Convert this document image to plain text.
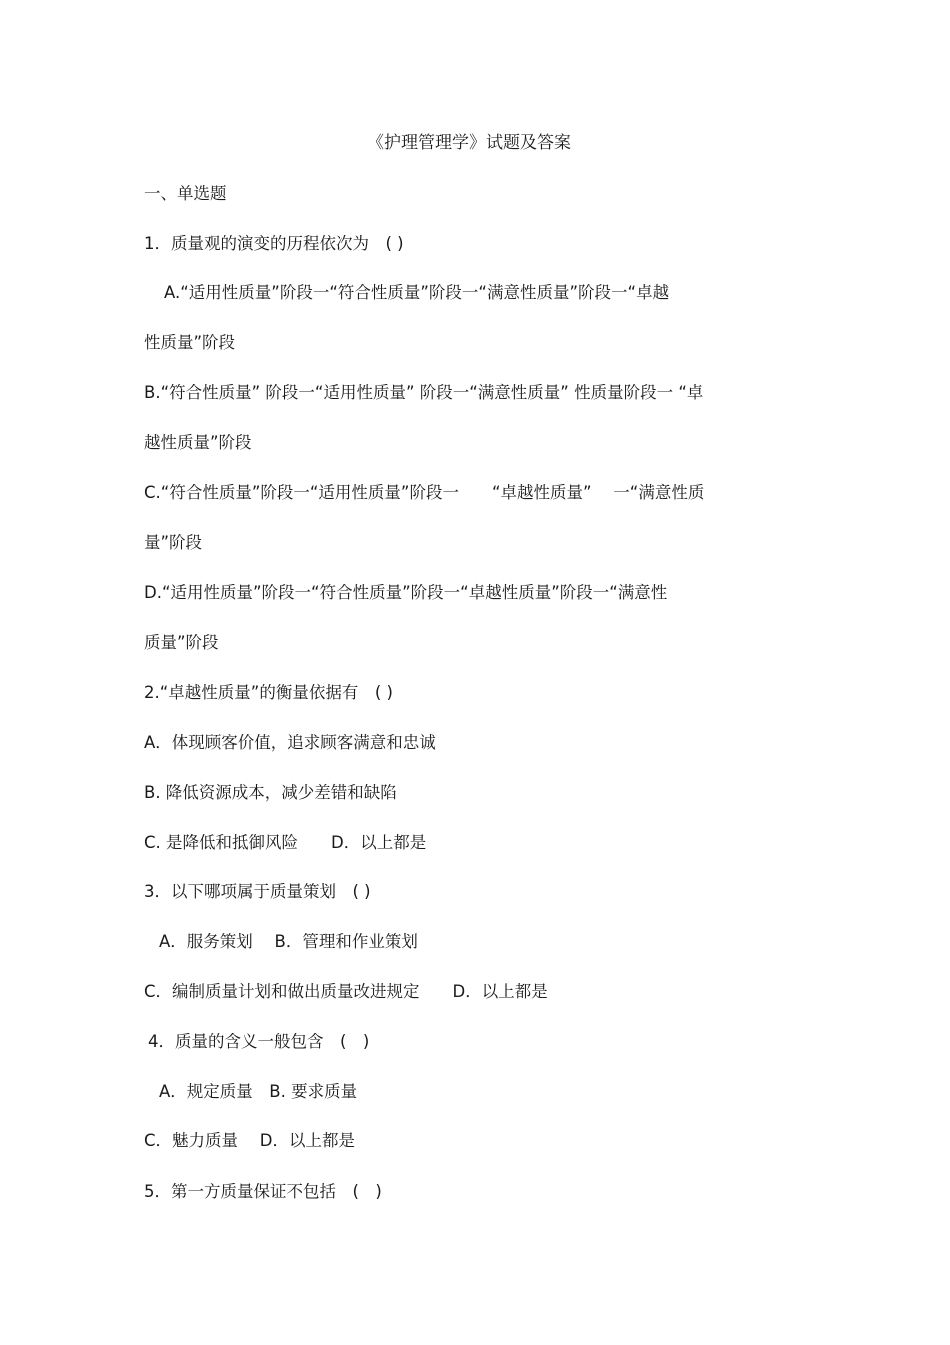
《护理管理学》试题及答案
一、单选题
1．质量观的演变的历程依次为　( )
A.“适用性质量”阶段一“符合性质量”阶段一“满意性质量”阶段一“卓越
性质量”阶段
B.“符合性质量” 阶段一“适用性质量” 阶段一“满意性质量” 性质量阶段一 “卓
越性质量”阶段
C.“符合性质量”阶段一“适用性质量”阶段一　　“卓越性质量”　 一“满意性质
量”阶段
D.“适用性质量”阶段一“符合性质量”阶段一“卓越性质量”阶段一“满意性
质量”阶段
2.“卓越性质量”的衡量依据有　( )
A．体现顾客价值，追求顾客满意和忠诚
B. 降低资源成本，减少差错和缺陷
C. 是降低和抵御风险　　D．以上都是
3．以下哪项属于质量策划　( )
A．服务策划　 B．管理和作业策划
C．编制质量计划和做出质量改进规定　　D．以上都是
4．质量的含义一般包含　(　)
A．规定质量　B. 要求质量
C．魅力质量　 D．以上都是
5．第一方质量保证不包括　(　)
